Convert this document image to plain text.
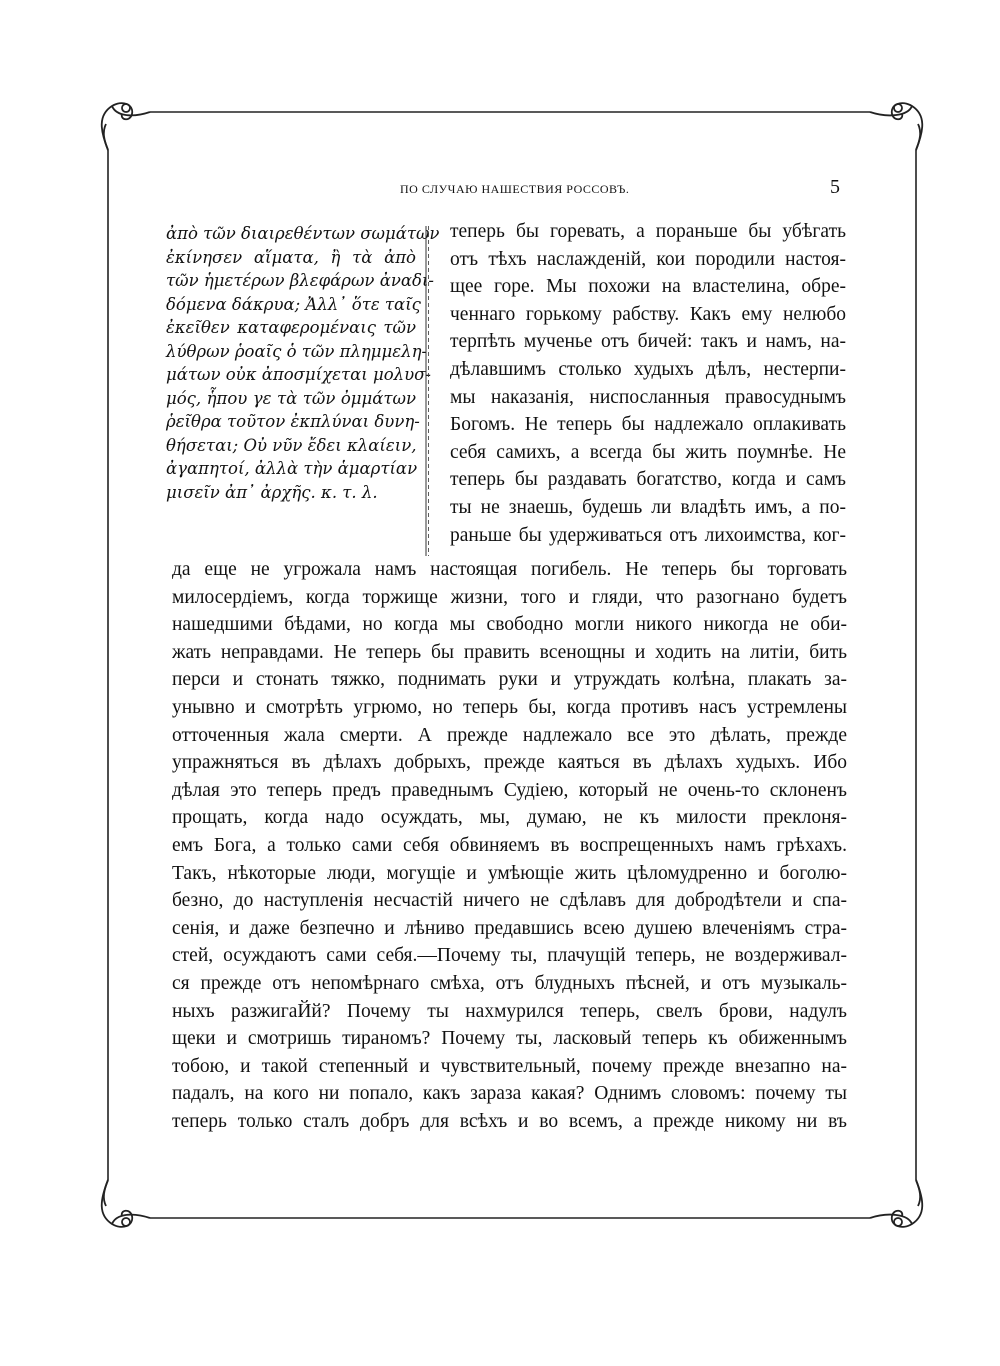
ПО СЛУЧАЮ НАШЕСТВИЯ РОССОВЪ.	5
ἀπὸ τῶν διαιρεθέντων σωμάτων
ἐκίνησεν αἵματα, ἢ τὰ ἀπὸ
τῶν ἡμετέρων βλεφάρων ἀναδι-
δόμενα δάκρυα; Ἀλλ᾽ ὅτε ταῖς
ἐκεῖθεν καταφερομέναις τῶν
λύθρων ῥοαῖς ὁ τῶν πλημμελη-
μάτων οὐκ ἀποσμίχεται μολυσ-
μός, ἧπου γε τὰ τῶν ὀμμάτων
ῥεῖθρα τοῦτον ἐκπλύναι δυνη-
θήσεται; Οὐ νῦν ἔδει κλαίειν,
ἀγαπητοί, ἀλλὰ τὴν ἁμαρτίαν
μισεῖν ἀπ᾽ ἀρχῆς. κ. τ. λ.
теперь бы горевать, а пораньше бы убѣгать
отъ тѣхъ наслажденій, кои породили настоя-
щее горе. Мы похожи на властелина, обре-
ченнаго горькому рабству. Какъ ему нелюбо
терпѣть мученье отъ бичей: такъ и намъ, на-
дѣлавшимъ столько худыхъ дѣлъ, нестерпи-
мы наказанія, ниспосланныя правосуднымъ
Богомъ. Не теперь бы надлежало оплакивать
себя самихъ, а всегда бы жить поумнѣе. Не
теперь бы раздавать богатство, когда и самъ
ты не знаешь, будешь ли владѣть имъ, а по-
раньше бы удерживаться отъ лихоимства, ког-
да еще не угрожала намъ настоящая погибель. Не теперь бы торговать
милосердіемъ, когда торжище жизни, того и гляди, что разогнано будетъ
нашедшими бѣдами, но когда мы свободно могли никого никогда не оби-
жать неправдами. Не теперь бы править всенощны и ходить на литіи, бить
перси и стонать тяжко, поднимать руки и утруждать колѣна, плакать за-
унывно и смотрѣть угрюмо, но теперь бы, когда противъ насъ устремлены
отточенныя жала смерти. А прежде надлежало все это дѣлать, прежде
упражняться въ дѣлахъ добрыхъ, прежде каяться въ дѣлахъ худыхъ. Ибо
дѣлая это теперь предъ праведнымъ Судіею, который не очень-то склоненъ
прощать, когда надо осуждать, мы, думаю, не къ милости преклоня-
емъ Бога, а только сами себя обвиняемъ въ воспрещенныхъ намъ грѣхахъ.
Такъ, нѣкоторые люди, могущіе и умѣющіе жить цѣломудренно и боголю-
безно, до наступленія несчастій ничего не сдѣлавъ для добродѣтели и спа-
сенія, и даже безпечно и лѣниво предавшись всею душею влеченіямъ стра-
стей, осуждаютъ сами себя.—Почему ты, плачущій теперь, не воздерживал-
ся прежде отъ непомѣрнаго смѣха, отъ блудныхъ пѣсней, и отъ музыкаль-
ныхъ разжигаЙй? Почему ты нахмурился теперь, свелъ брови, надулъ
щеки и смотришь тираномъ? Почему ты, ласковый теперь къ обиженнымъ
тобою, и такой степенный и чувствительный, почему прежде внезапно на-
падалъ, на кого ни попало, какъ зараза какая? Однимъ словомъ: почему ты
теперь только сталъ добръ для всѣхъ и во всемъ, а прежде никому ни въ
